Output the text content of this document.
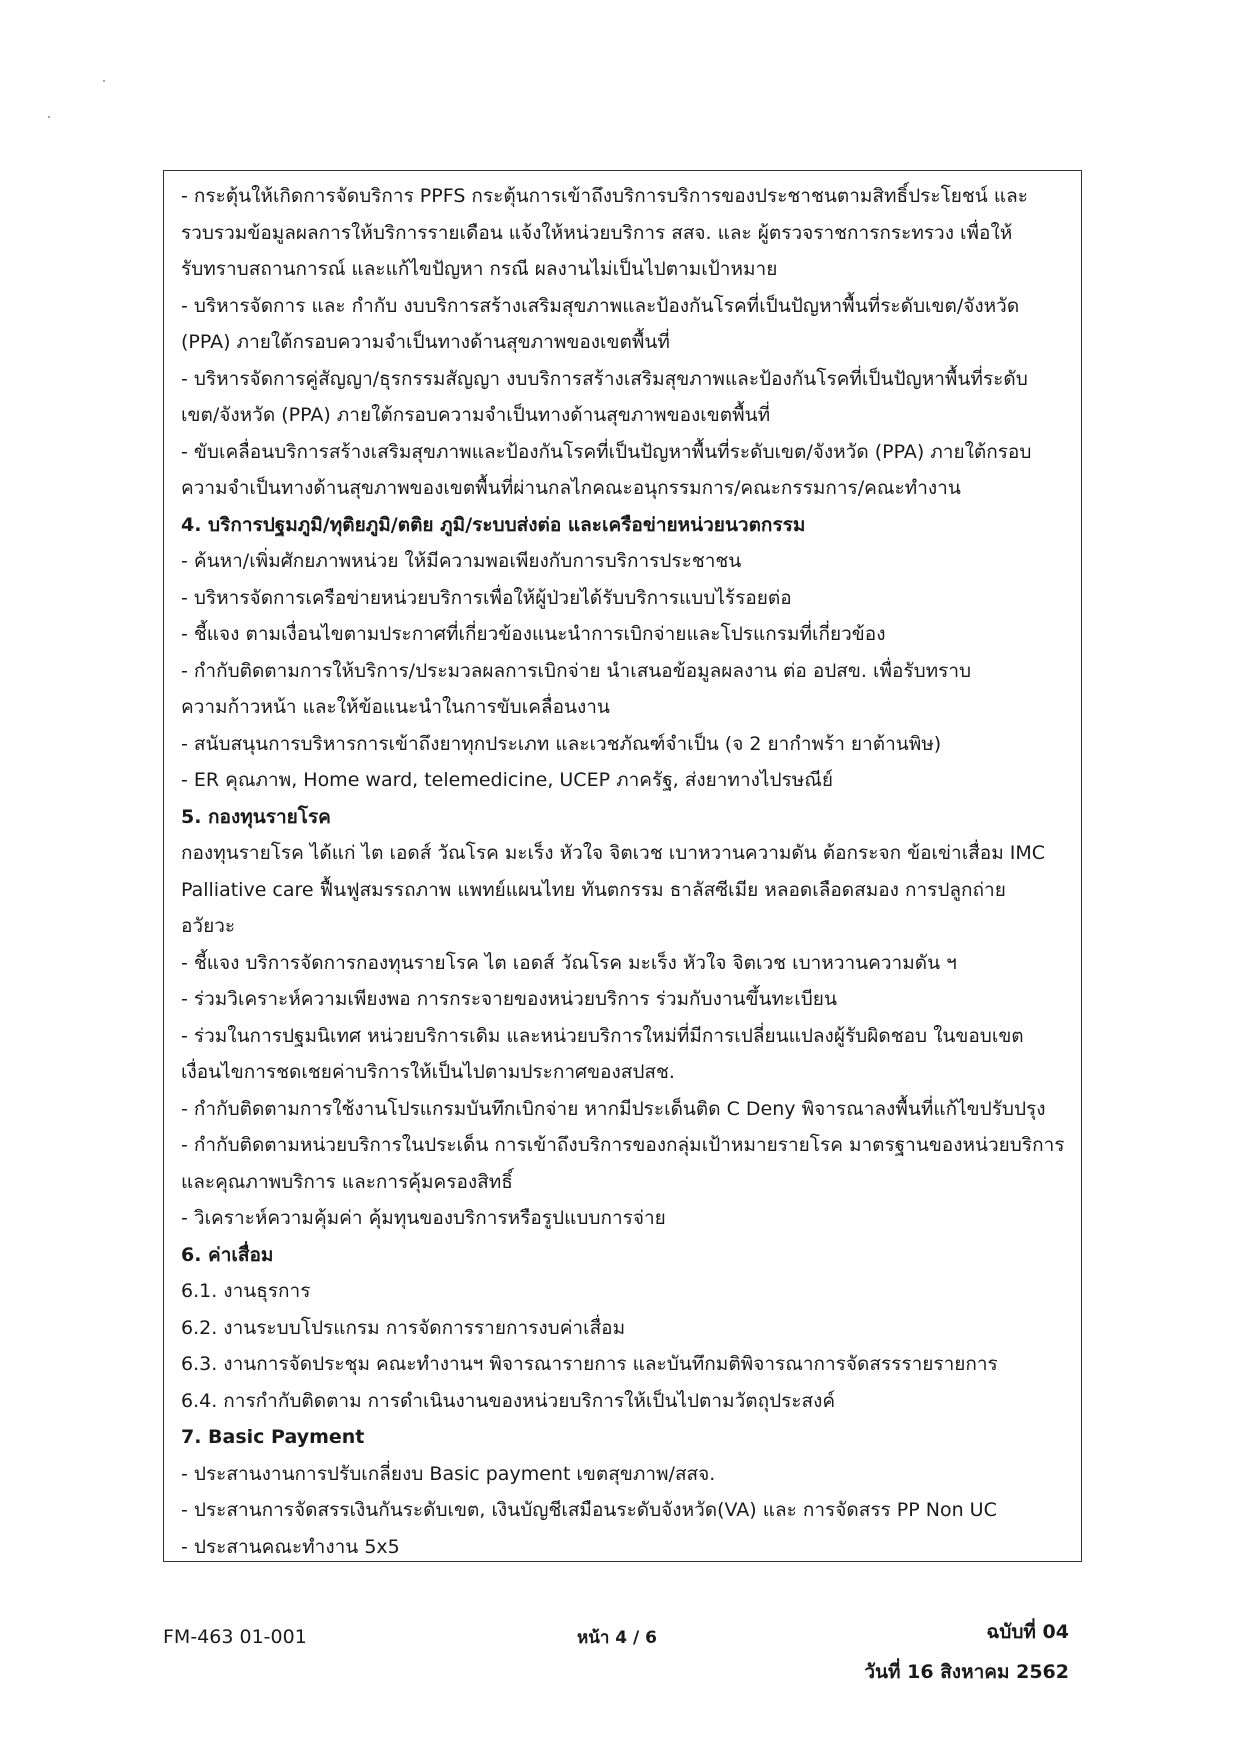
- กระตุ้นให้เกิดการจัดบริการ PPFS กระตุ้นการเข้าถึงบริการบริการของประชาชนตามสิทธิ์ประโยชน์ และ
รวบรวมข้อมูลผลการให้บริการรายเดือน แจ้งให้หน่วยบริการ สสจ. และ ผู้ตรวจราชการกระทรวง เพื่อให้
รับทราบสถานการณ์ และแก้ไขปัญหา กรณี ผลงานไม่เป็นไปตามเป้าหมาย
- บริหารจัดการ และ กำกับ งบบริการสร้างเสริมสุขภาพและป้องกันโรคที่เป็นปัญหาพื้นที่ระดับเขต/จังหวัด
(PPA) ภายใต้กรอบความจำเป็นทางด้านสุขภาพของเขตพื้นที่
- บริหารจัดการคู่สัญญา/ธุรกรรมสัญญา งบบริการสร้างเสริมสุขภาพและป้องกันโรคที่เป็นปัญหาพื้นที่ระดับ
เขต/จังหวัด (PPA) ภายใต้กรอบความจำเป็นทางด้านสุขภาพของเขตพื้นที่
- ขับเคลื่อนบริการสร้างเสริมสุขภาพและป้องกันโรคที่เป็นปัญหาพื้นที่ระดับเขต/จังหวัด (PPA) ภายใต้กรอบ
ความจำเป็นทางด้านสุขภาพของเขตพื้นที่ผ่านกลไกคณะอนุกรรมการ/คณะกรรมการ/คณะทำงาน
4. บริการปฐมภูมิ/ทุติยภูมิ/ตติย ภูมิ/ระบบส่งต่อ และเครือข่ายหน่วยนวตกรรม
- ค้นหา/เพิ่มศักยภาพหน่วย ให้มีความพอเพียงกับการบริการประชาชน
- บริหารจัดการเครือข่ายหน่วยบริการเพื่อให้ผู้ป่วยได้รับบริการแบบไร้รอยต่อ
- ชี้แจง ตามเงื่อนไขตามประกาศที่เกี่ยวข้องแนะนำการเบิกจ่ายและโปรแกรมที่เกี่ยวข้อง
- กำกับติดตามการให้บริการ/ประมวลผลการเบิกจ่าย นำเสนอข้อมูลผลงาน ต่อ อปสข. เพื่อรับทราบ
ความก้าวหน้า และให้ข้อแนะนำในการขับเคลื่อนงาน
- สนับสนุนการบริหารการเข้าถึงยาทุกประเภท และเวชภัณฑ์จำเป็น (จ 2 ยากำพร้า ยาต้านพิษ)
- ER คุณภาพ, Home ward, telemedicine, UCEP ภาครัฐ, ส่งยาทางไปรษณีย์
5. กองทุนรายโรค
กองทุนรายโรค ได้แก่ ไต เอดส์ วัณโรค มะเร็ง หัวใจ จิตเวช เบาหวานความดัน ต้อกระจก ข้อเข่าเสื่อม IMC
Palliative care ฟื้นฟูสมรรถภาพ แพทย์แผนไทย ทันตกรรม ธาลัสซีเมีย หลอดเลือดสมอง การปลูกถ่าย
อวัยวะ
- ชี้แจง บริการจัดการกองทุนรายโรค ไต เอดส์ วัณโรค มะเร็ง หัวใจ จิตเวช เบาหวานความดัน ฯ
- ร่วมวิเคราะห์ความเพียงพอ การกระจายของหน่วยบริการ ร่วมกับงานขึ้นทะเบียน
- ร่วมในการปฐมนิเทศ หน่วยบริการเดิม และหน่วยบริการใหม่ที่มีการเปลี่ยนแปลงผู้รับผิดชอบ ในขอบเขต
เงื่อนไขการชดเชยค่าบริการให้เป็นไปตามประกาศของสปสช.
- กำกับติดตามการใช้งานโปรแกรมบันทึกเบิกจ่าย หากมีประเด็นติด C Deny พิจารณาลงพื้นที่แก้ไขปรับปรุง
- กำกับติดตามหน่วยบริการในประเด็น การเข้าถึงบริการของกลุ่มเป้าหมายรายโรค มาตรฐานของหน่วยบริการ
และคุณภาพบริการ และการคุ้มครองสิทธิ์
- วิเคราะห์ความคุ้มค่า คุ้มทุนของบริการหรือรูปแบบการจ่าย
6. ค่าเสื่อม
6.1. งานธุรการ
6.2. งานระบบโปรแกรม การจัดการรายการงบค่าเสื่อม
6.3. งานการจัดประชุม คณะทำงานฯ พิจารณารายการ และบันทึกมติพิจารณาการจัดสรรรายรายการ
6.4. การกำกับติดตาม การดำเนินงานของหน่วยบริการให้เป็นไปตามวัตถุประสงค์
7. Basic Payment
- ประสานงานการปรับเกลี่ยงบ Basic payment เขตสุขภาพ/สสจ.
- ประสานการจัดสรรเงินกันระดับเขต, เงินบัญชีเสมือนระดับจังหวัด(VA) และ การจัดสรร PP Non UC
- ประสานคณะทำงาน 5x5
FM-463 01-001	หน้า 4 / 6	ฉบับที่ 04
วันที่ 16 สิงหาคม 2562
